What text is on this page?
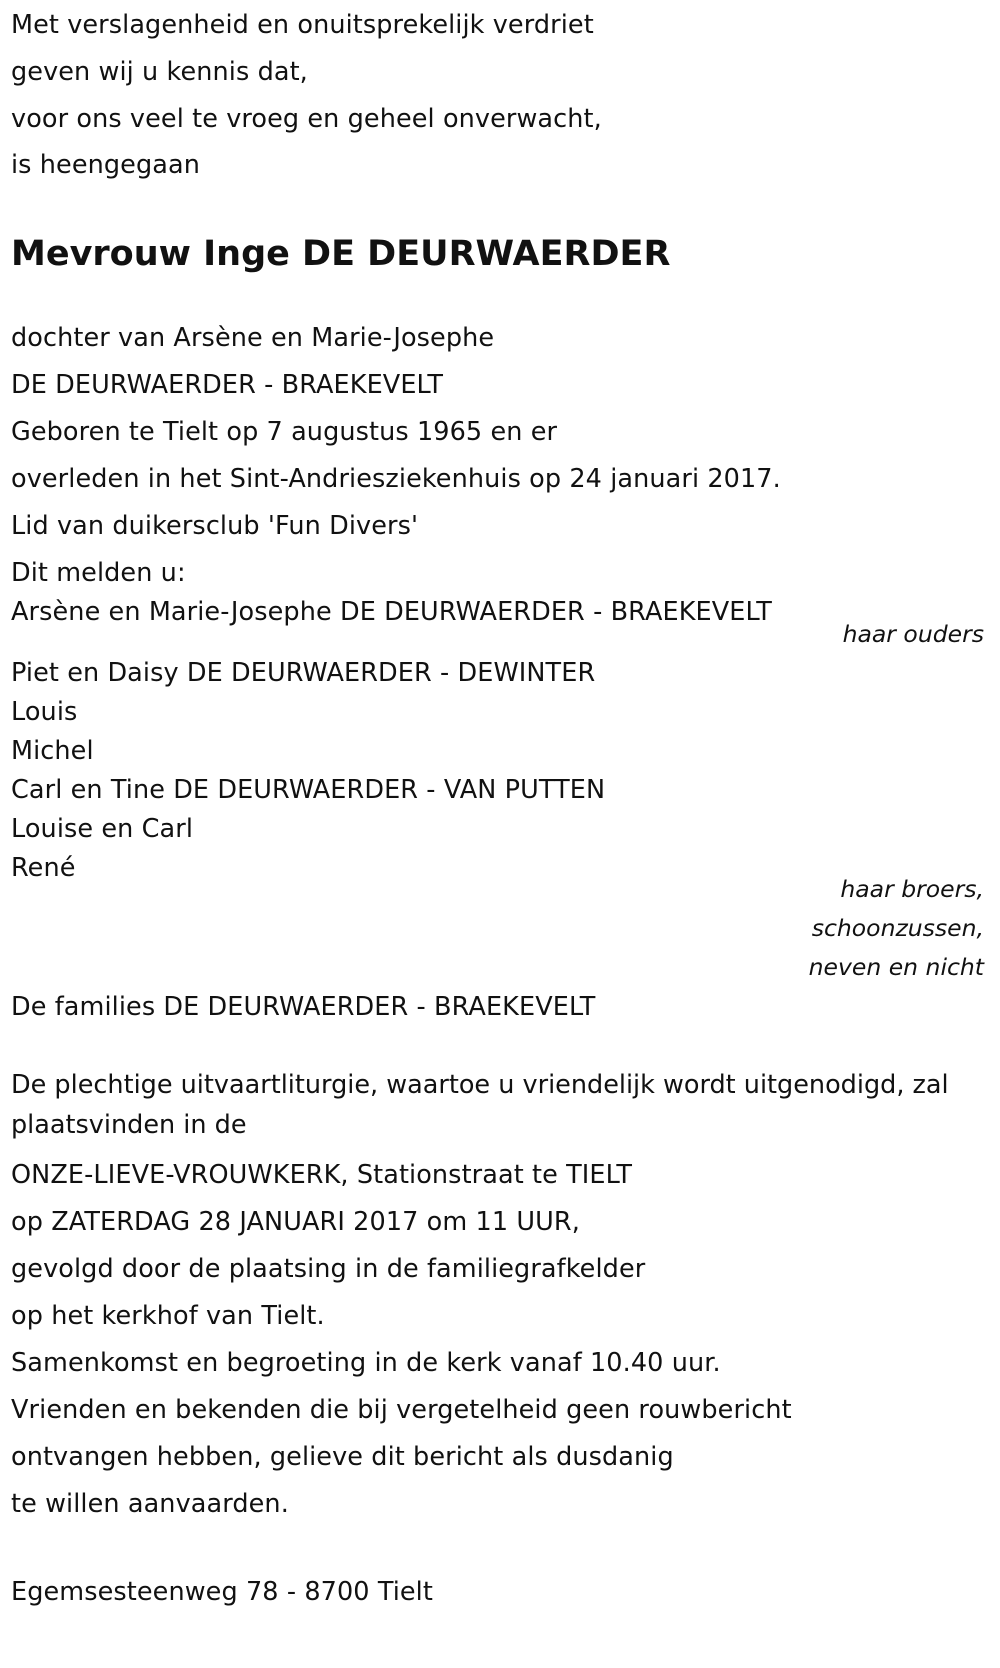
Met verslagenheid en onuitsprekelijk verdriet
geven wij u kennis dat,
voor ons veel te vroeg en geheel onverwacht,
is heengegaan
Mevrouw Inge DE DEURWAERDER
dochter van Arsène en Marie-Josephe
DE DEURWAERDER - BRAEKEVELT
Geboren te Tielt op 7 augustus 1965 en er
overleden in het Sint-Andriesziekenhuis op 24 januari 2017.
Lid van duikersclub 'Fun Divers'
Dit melden u:
Arsène en Marie-Josephe DE DEURWAERDER - BRAEKEVELT
haar ouders
Piet en Daisy DE DEURWAERDER - DEWINTER
Louis
Michel
Carl en Tine DE DEURWAERDER - VAN PUTTEN
Louise en Carl
René
haar broers,
schoonzussen,
neven en nicht
De families DE DEURWAERDER - BRAEKEVELT
De plechtige uitvaartliturgie, waartoe u vriendelijk wordt uitgenodigd, zal plaatsvinden in de
ONZE-LIEVE-VROUWKERK, Stationstraat te TIELT
op ZATERDAG 28 JANUARI 2017 om 11 UUR,
gevolgd door de plaatsing in de familiegrafkelder
op het kerkhof van Tielt.
Samenkomst en begroeting in de kerk vanaf 10.40 uur.
Vrienden en bekenden die bij vergetelheid geen rouwbericht
ontvangen hebben, gelieve dit bericht als dusdanig
te willen aanvaarden.
Egemsesteenweg 78 - 8700 Tielt
